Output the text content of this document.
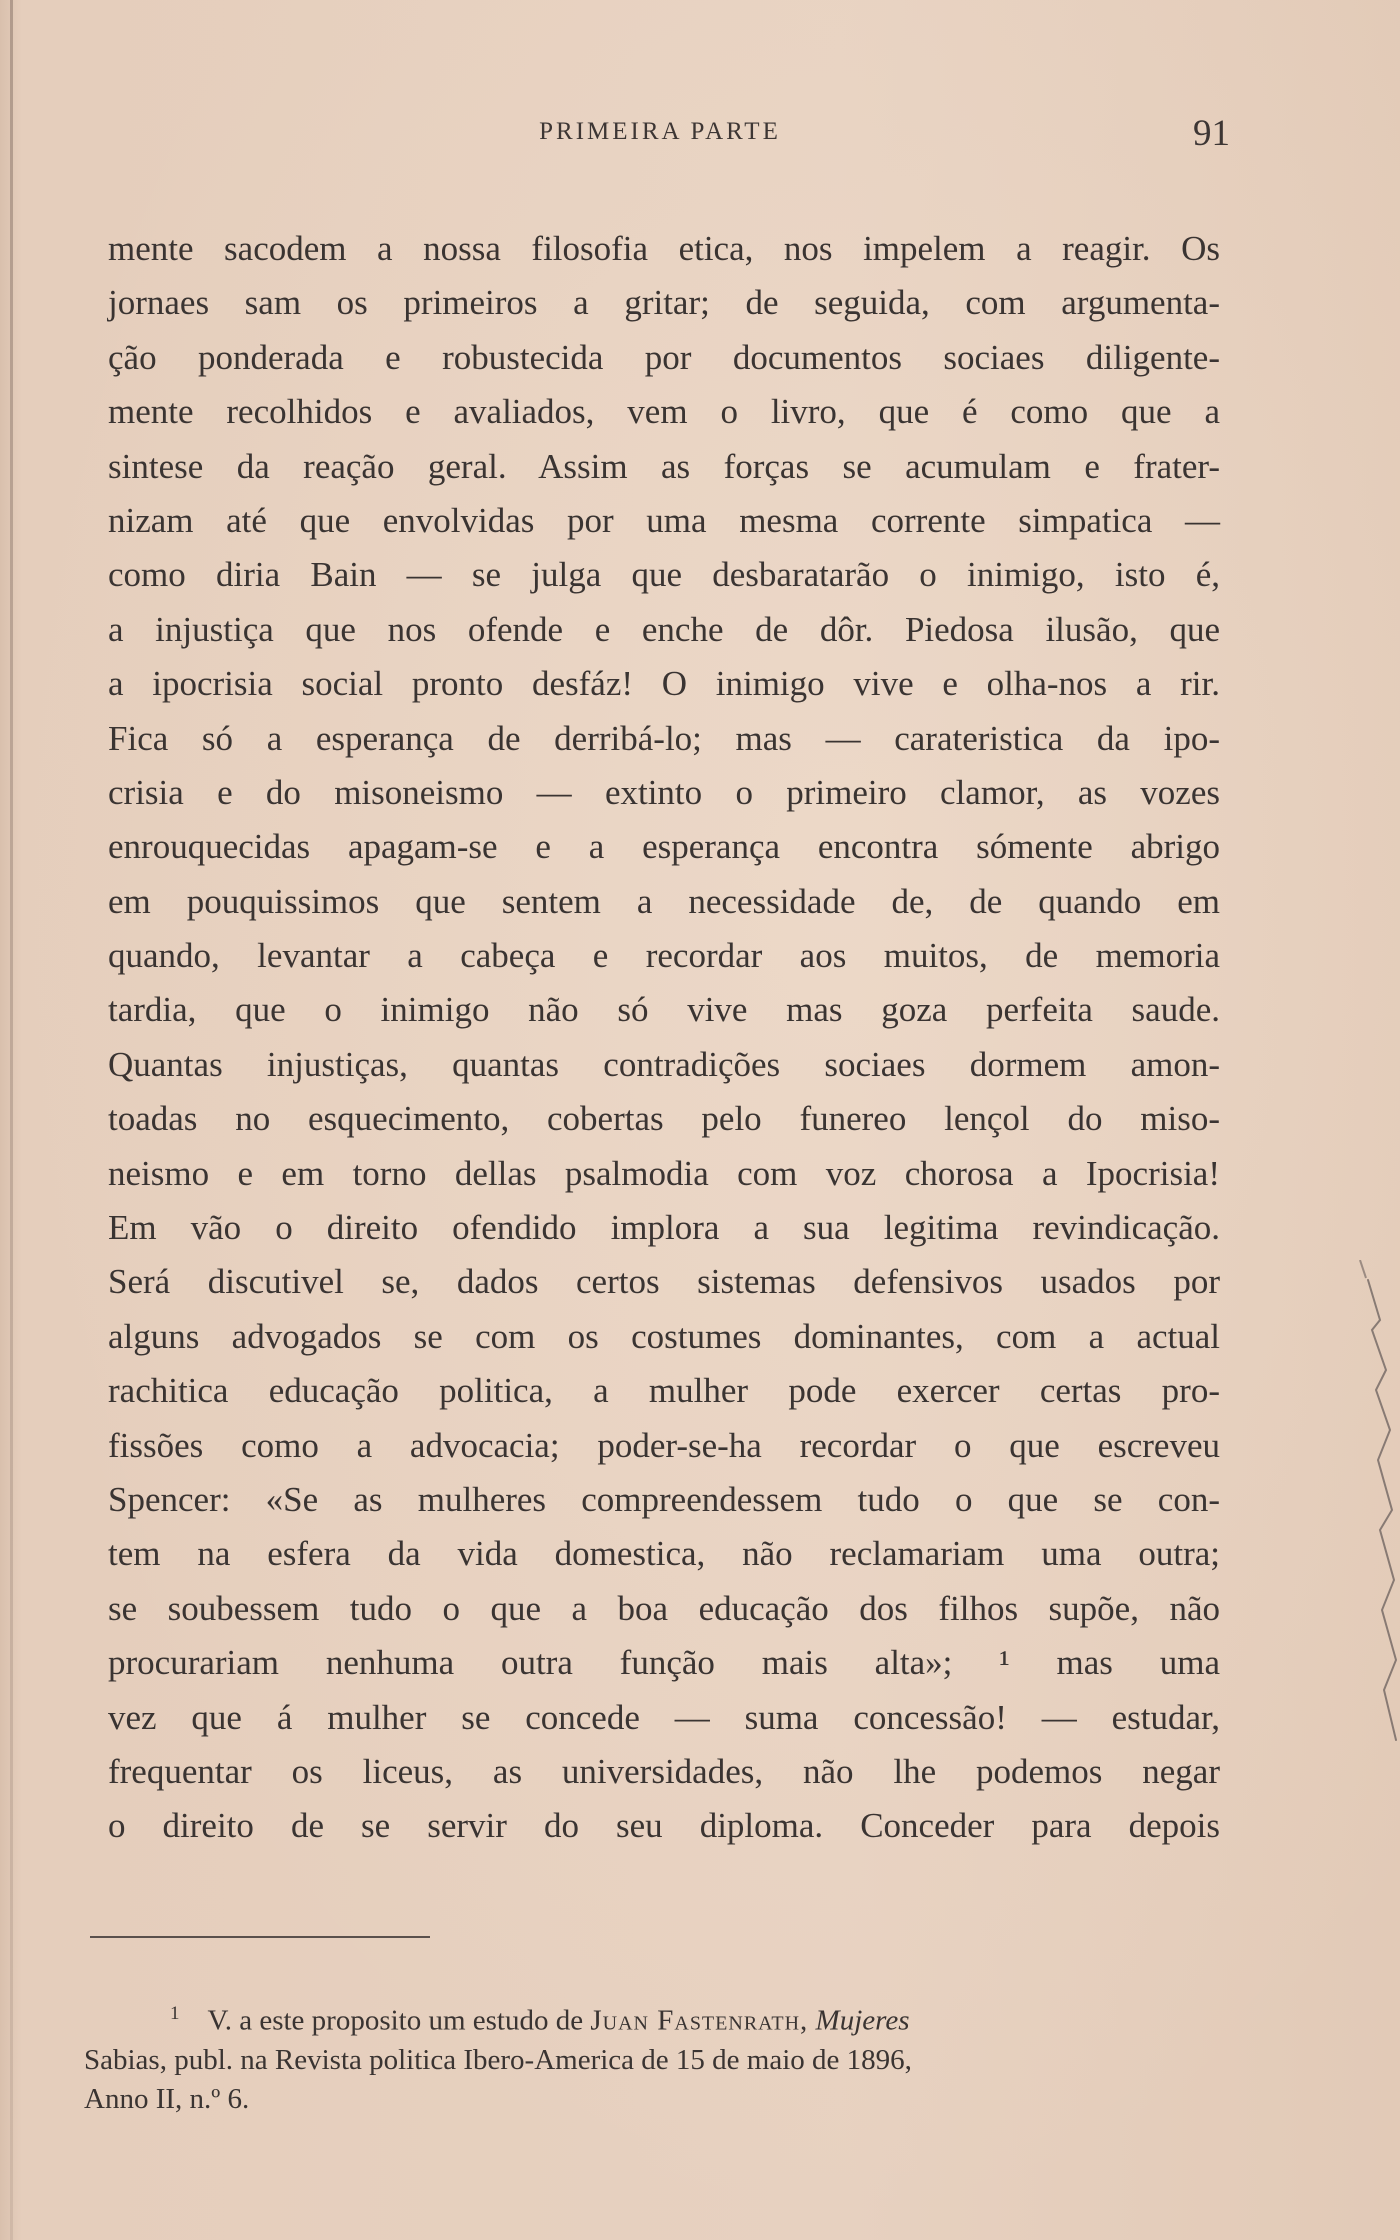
PRIMEIRA PARTE	91
mente sacodem a nossa filosofia etica, nos impelem a reagir. Os
jornaes sam os primeiros a gritar; de seguida, com argumenta-
ção ponderada e robustecida por documentos sociaes diligente-
mente recolhidos e avaliados, vem o livro, que é como que a
sintese da reação geral. Assim as forças se acumulam e frater-
nizam até que envolvidas por uma mesma corrente simpatica —
como diria Bain — se julga que desbaratarão o inimigo, isto é,
a injustiça que nos ofende e enche de dôr. Piedosa ilusão, que
a ipocrisia social pronto desfáz! O inimigo vive e olha-nos a rir.
Fica só a esperança de derribá-lo; mas — carateristica da ipo-
crisia e do misoneismo — extinto o primeiro clamor, as vozes
enrouquecidas apagam-se e a esperança encontra sómente abrigo
em pouquissimos que sentem a necessidade de, de quando em
quando, levantar a cabeça e recordar aos muitos, de memoria
tardia, que o inimigo não só vive mas goza perfeita saude.
Quantas injustiças, quantas contradições sociaes dormem amon-
toadas no esquecimento, cobertas pelo funereo lençol do miso-
neismo e em torno dellas psalmodia com voz chorosa a Ipocrisia!
Em vão o direito ofendido implora a sua legitima revindicação.
Será discutivel se, dados certos sistemas defensivos usados por
alguns advogados se com os costumes dominantes, com a actual
rachitica educação politica, a mulher pode exercer certas pro-
fissões como a advocacia; poder-se-ha recordar o que escreveu
Spencer: «Se as mulheres compreendessem tudo o que se con-
tem na esfera da vida domestica, não reclamariam uma outra;
se soubessem tudo o que a boa educação dos filhos supõe, não
procurariam nenhuma outra função mais alta»; ¹ mas uma
vez que á mulher se concede — suma concessão! — estudar,
frequentar os liceus, as universidades, não lhe podemos negar
o direito de se servir do seu diploma. Conceder para depois
$^1$ V. a este proposito um estudo de Juan Fastenrath, Mujeres
Sabias, publ. na Revista politica Ibero-America de 15 de maio de 1896,
Anno II, n.º 6.
